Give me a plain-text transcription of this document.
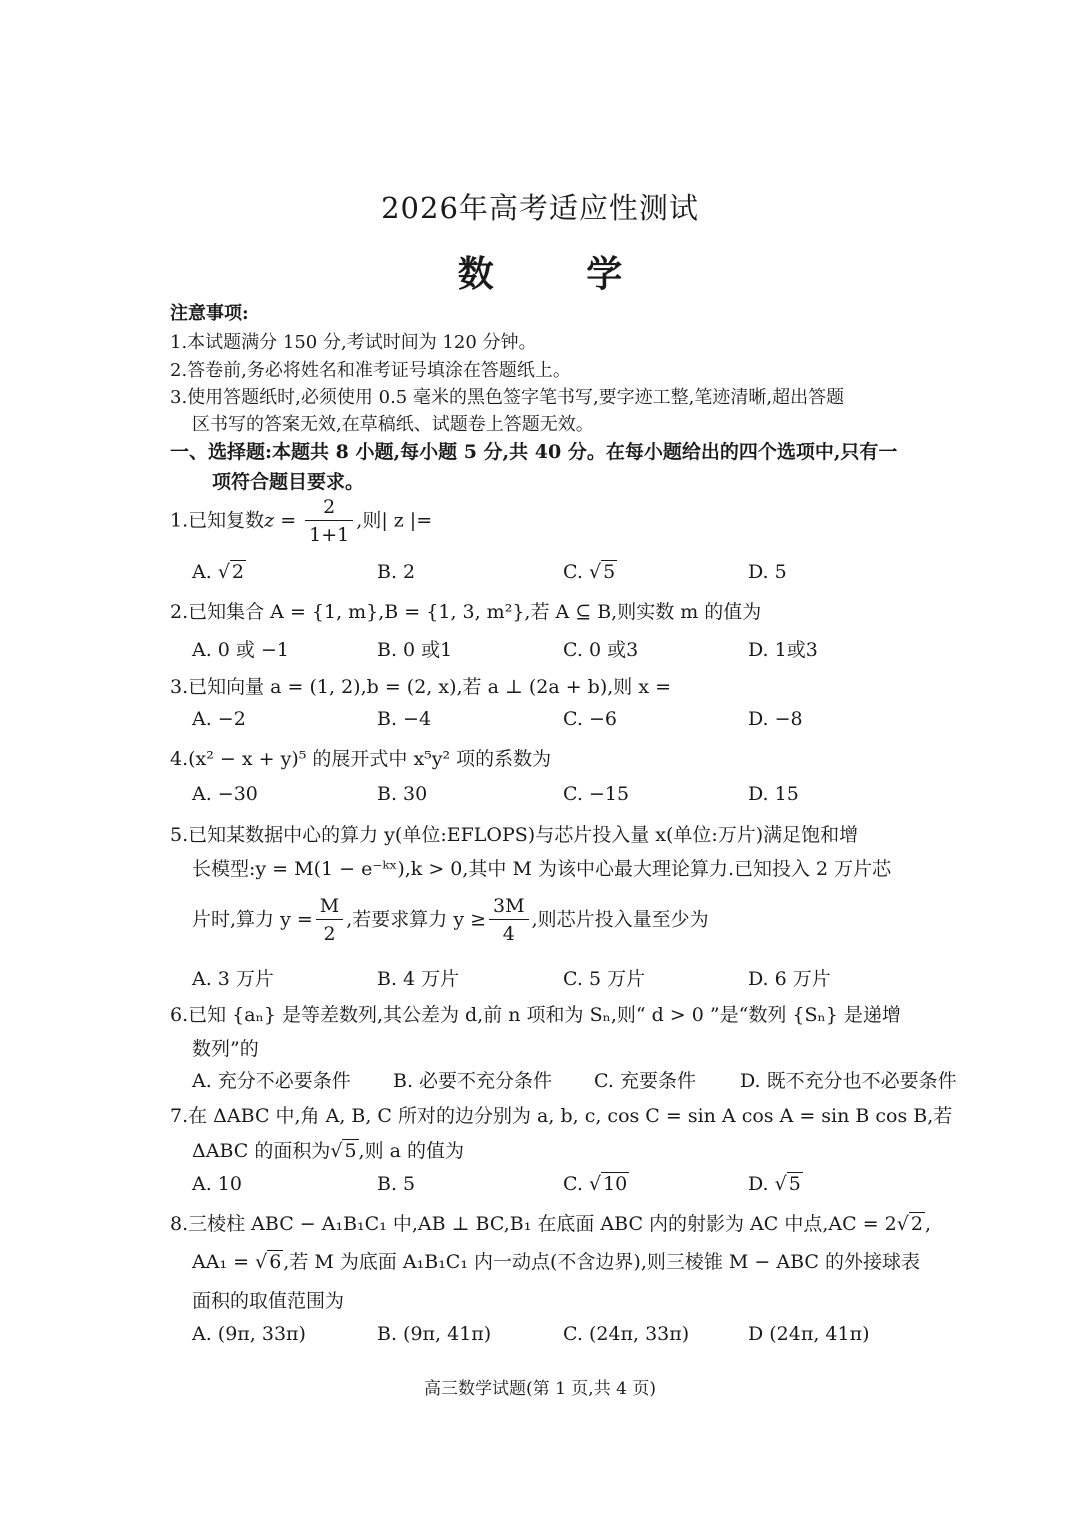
2026年高考适应性测试
数 学
注意事项:
1.本试题满分 150 分,考试时间为 120 分钟。
2.答卷前,务必将姓名和准考证号填涂在答题纸上。
3.使用答题纸时,必须使用 0.5 毫米的黑色签字笔书写,要字迹工整,笔迹清晰,超出答题
区书写的答案无效,在草稿纸、试题卷上答题无效。
一、选择题:本题共 8 小题,每小题 5 分,共 40 分。在每小题给出的四个选项中,只有一
项符合题目要求。
1.已知复数$z = \frac{2}{1+1}$ ,则| z |=
A. √ 2	B. 2	C. √ 5	D. 5
2.已知集合 A = {1, m},B = {1, 3, m²},若 A ⊆ B,则实数 m 的值为
A. 0 或 −1	B. 0 或1	C. 0 或3	D. 1或3
3.已知向量 a = (1, 2),b = (2, x),若 a ⊥ (2a + b),则 x =
A. −2	B. −4	C. −6	D. −8
4.(x² − x + y)⁵ 的展开式中 x⁵y² 项的系数为
A. −30	B. 30	C. −15	D. 15
5.已知某数据中心的算力 y(单位:EFLOPS)与芯片投入量 x(单位:万片)满足饱和增
长模型:y = M(1 − e⁻ᵏˣ),k > 0,其中 M 为该中心最大理论算力.已知投入 2 万片芯
片时,算力 $y = \frac{M}{2}$ ,若要求算力 $y \ge \frac{3M}{4}$ ,则芯片投入量至少为
A. 3 万片	B. 4 万片	C. 5 万片	D. 6 万片
6.已知 {aₙ} 是等差数列,其公差为 d,前 n 项和为 Sₙ,则“ d > 0 ”是“数列 {Sₙ} 是递增
数列”的
A. 充分不必要条件 B. 必要不充分条件 C. 充要条件 D. 既不充分也不必要条件
7.在 ΔABC 中,角 A, B, C 所对的边分别为 a, b, c, cos C = sin A cos A = sin B cos B,若
ΔABC 的面积为√ 5 ,则 a 的值为
A. 10	B. 5	C. √ 10	D. √ 5
8.三棱柱 ABC − A₁B₁C₁ 中,AB ⊥ BC,B₁ 在底面 ABC 内的射影为 AC 中点,AC = 2√ 2 ,
AA₁ = √ 6 ,若 M 为底面 A₁B₁C₁ 内一动点(不含边界),则三棱锥 M − ABC 的外接球表
面积的取值范围为
A. (9π, 33π)	B. (9π, 41π)	C. (24π, 33π)	D (24π, 41π)
高三数学试题(第 1 页,共 4 页)
